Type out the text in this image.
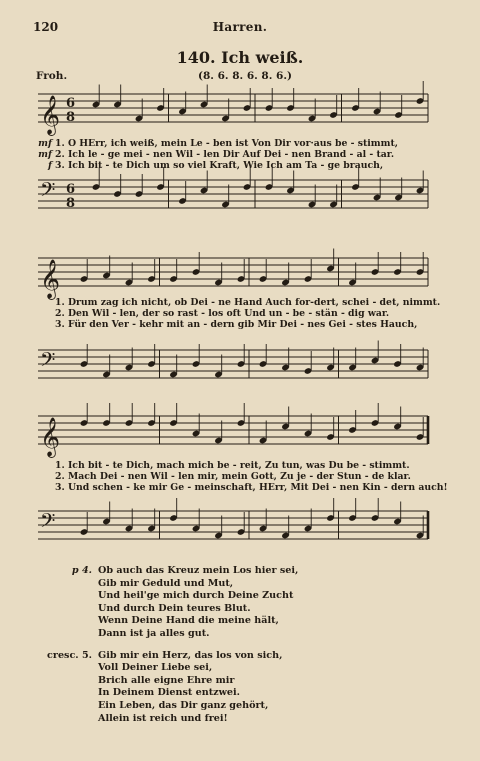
120	Harren.
140. Ich weiß.
Froh.	(8. 6. 8. 6. 8. 6.)
𝄞 6
8
mf 1. O HErr, ich weiß, mein Le - ben ist Von Dir vor·aus be - stimmt,
mf 2. Ich le - ge mei - nen Wil - len Dir Auf Dei - nen Brand - al - tar.
f 3. Ich bit - te Dich um so viel Kraft, Wie Ich am Ta - ge brauch,
𝄢 6
8
𝄞
1. Drum zag ich nicht, ob Dei - ne Hand Auch for-dert, schei - det, nimmt.
2. Den Wil - len, der so rast - los oft Und un - be - stän - dig war.
3. Für den Ver - kehr mit an - dern gib Mir Dei - nes Gei - stes Hauch,
𝄢
𝄞
1. Ich bit - te Dich, mach mich be - reit, Zu tun, was Du be - stimmt.
2. Mach Dei - nen Wil - len mir, mein Gott, Zu je - der Stun - de klar.
3. Und schen - ke mir Ge - meinschaft, HErr, Mit Dei - nen Kin - dern auch!
𝄢
p 4. Ob auch das Kreuz mein Los hier sei,
Gib mir Geduld und Mut,
Und heil'ge mich durch Deine Zucht
Und durch Dein teures Blut.
Wenn Deine Hand die meine hält,
Dann ist ja alles gut.
cresc. 5. Gib mir ein Herz, das los von sich,
Voll Deiner Liebe sei,
Brich alle eigne Ehre mir
In Deinem Dienst entzwei.
Ein Leben, das Dir ganz gehört,
Allein ist reich und frei!
